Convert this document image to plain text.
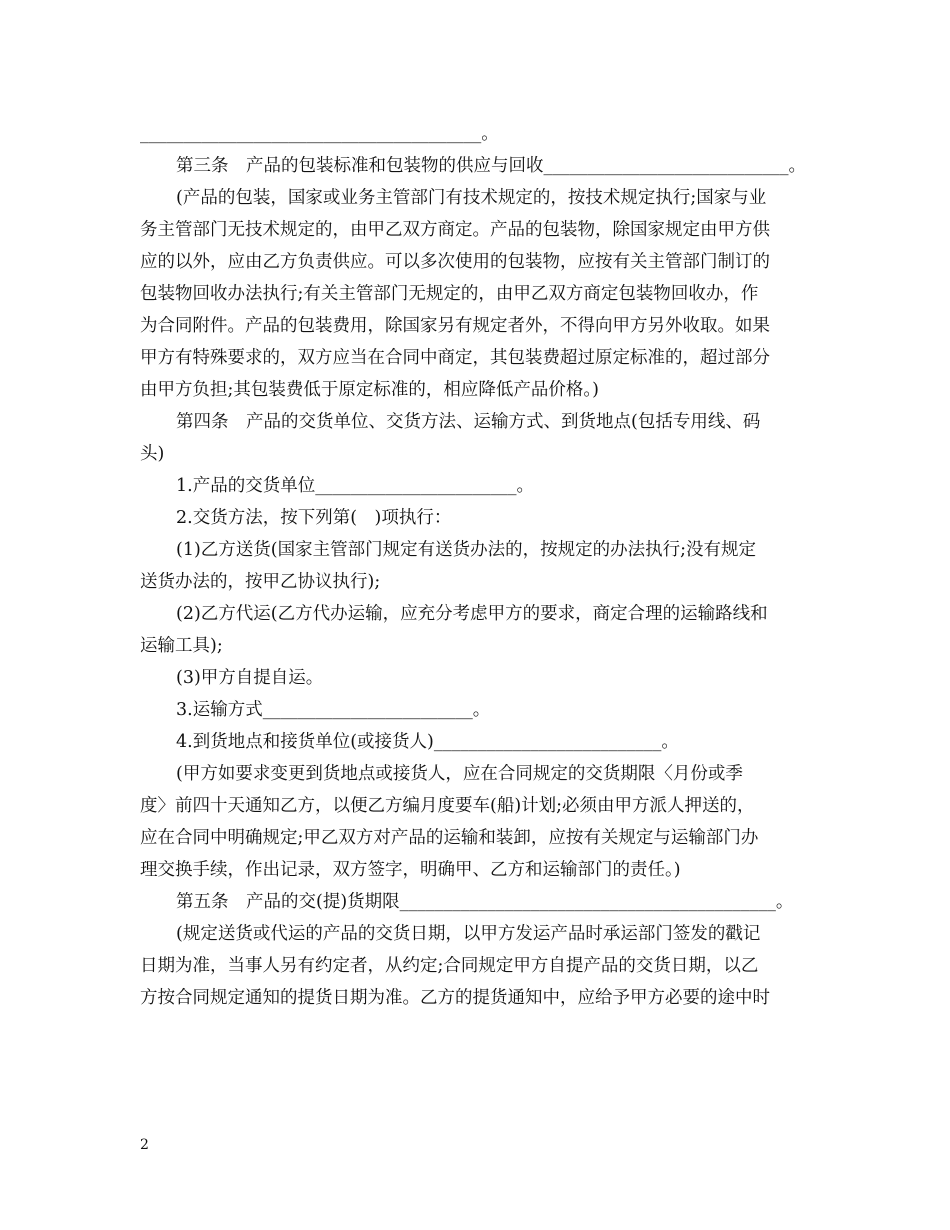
_______________________________________。
第三条　产品的包装标准和包装物的供应与回收____________________________。
(产品的包装，国家或业务主管部门有技术规定的，按技术规定执行;国家与业
务主管部门无技术规定的，由甲乙双方商定。产品的包装物，除国家规定由甲方供
应的以外，应由乙方负责供应。可以多次使用的包装物，应按有关主管部门制订的
包装物回收办法执行;有关主管部门无规定的，由甲乙双方商定包装物回收办，作
为合同附件。产品的包装费用，除国家另有规定者外，不得向甲方另外收取。如果
甲方有特殊要求的，双方应当在合同中商定，其包装费超过原定标准的，超过部分
由甲方负担;其包装费低于原定标准的，相应降低产品价格。)
第四条　产品的交货单位、交货方法、运输方式、到货地点(包括专用线、码
头)
1.产品的交货单位_______________________。
2.交货方法，按下列第(　)项执行：
(1)乙方送货(国家主管部门规定有送货办法的，按规定的办法执行;没有规定
送货办法的，按甲乙协议执行);
(2)乙方代运(乙方代办运输，应充分考虑甲方的要求，商定合理的运输路线和
运输工具);
(3)甲方自提自运。
3.运输方式________________________。
4.到货地点和接货单位(或接货人)__________________________。
(甲方如要求变更到货地点或接货人，应在合同规定的交货期限〈月份或季
度〉前四十天通知乙方，以便乙方编月度要车(船)计划;必须由甲方派人押送的，
应在合同中明确规定;甲乙双方对产品的运输和装卸，应按有关规定与运输部门办
理交换手续，作出记录，双方签字，明确甲、乙方和运输部门的责任。)
第五条　产品的交(提)货期限___________________________________________。
(规定送货或代运的产品的交货日期，以甲方发运产品时承运部门签发的戳记
日期为准，当事人另有约定者，从约定;合同规定甲方自提产品的交货日期，以乙
方按合同规定通知的提货日期为准。乙方的提货通知中，应给予甲方必要的途中时
2
